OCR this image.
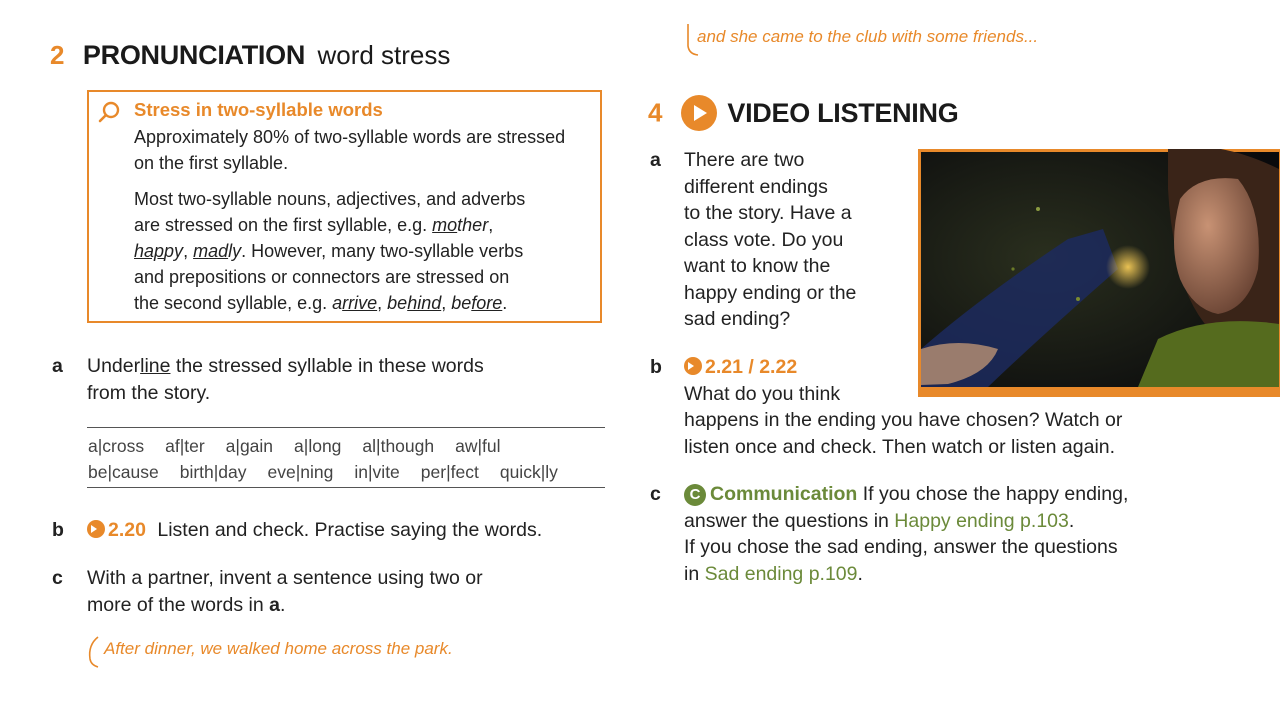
2 PRONUNCIATION word stress
Stress in two-syllable words
Approximately 80% of two-syllable words are stressed on the first syllable.
Most two-syllable nouns, adjectives, and adverbs
are stressed on the first syllable, e.g. mother,
happy, madly. However, many two-syllable verbs
and prepositions or connectors are stressed on
the second syllable, e.g. arrive, behind, before.
a Underline the stressed syllable in these words
from the story.
a|cross af|ter a|gain a|long al|though aw|ful
be|cause birth|day eve|ning in|vite per|fect quick|ly
b	2.20 Listen and check. Practise saying the words.
c With a partner, invent a sentence using two or
more of the words in a.
After dinner, we walked home across the park.
and she came to the club with some friends...
4 VIDEO LISTENING
a There are two
different endings
to the story. Have a
class vote. Do you
want to know the
happy ending or the
sad ending?
b	2.21 / 2.22
What do you think
happens in the ending you have chosen? Watch or
listen once and check. Then watch or listen again.
c	C Communication If you chose the happy ending,
answer the questions in Happy ending p.103.
If you chose the sad ending, answer the questions
in Sad ending p.109.
